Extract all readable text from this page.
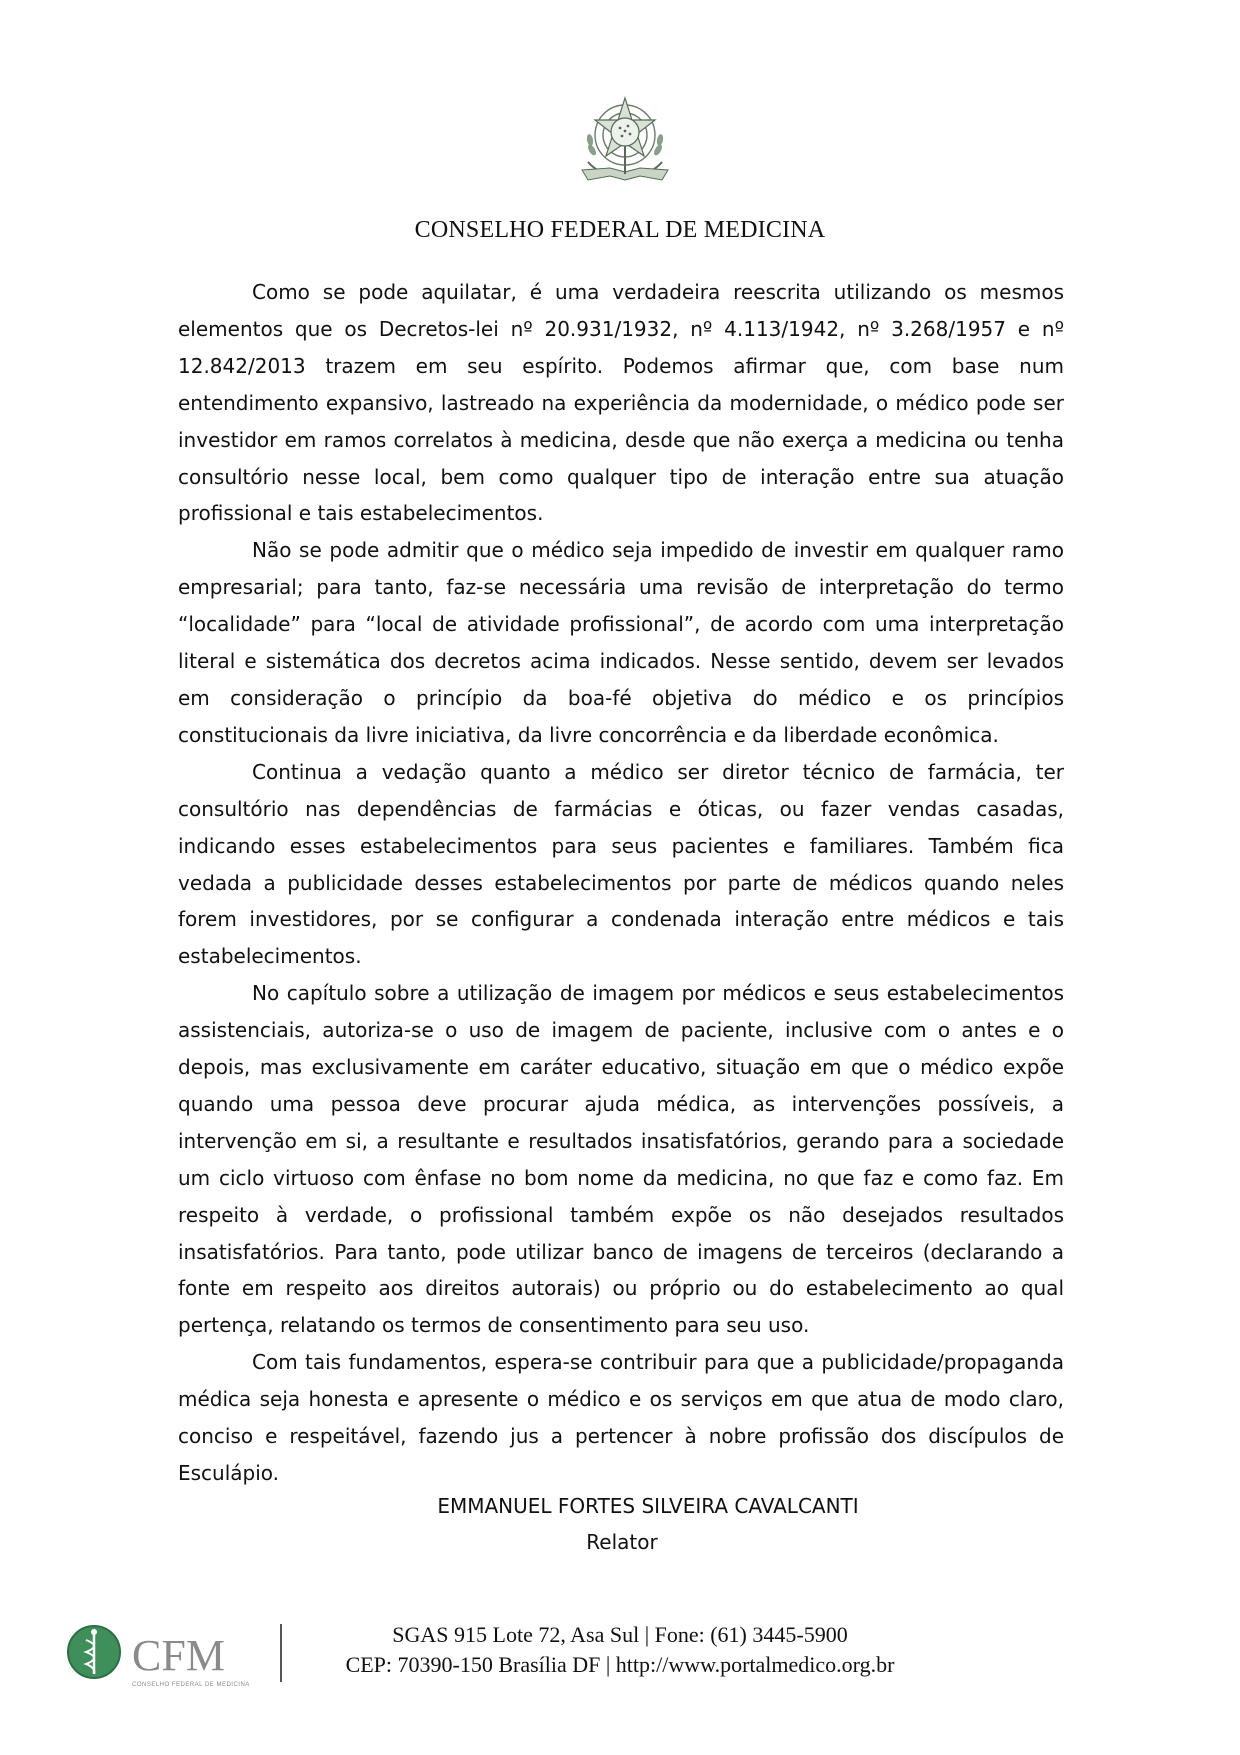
CONSELHO FEDERAL DE MEDICINA

Como se pode aquilatar, é uma verdadeira reescrita utilizando os mesmos elementos que os Decretos-lei nº 20.931/1932, nº 4.113/1942, nº 3.268/1957 e nº 12.842/2013 trazem em seu espírito. Podemos afirmar que, com base num entendimento expansivo, lastreado na experiência da modernidade, o médico pode ser investidor em ramos correlatos à medicina, desde que não exerça a medicina ou tenha consultório nesse local, bem como qualquer tipo de interação entre sua atuação profissional e tais estabelecimentos.

Não se pode admitir que o médico seja impedido de investir em qualquer ramo empresarial; para tanto, faz-se necessária uma revisão de interpretação do termo “localidade” para “local de atividade profissional”, de acordo com uma interpretação literal e sistemática dos decretos acima indicados. Nesse sentido, devem ser levados em consideração o princípio da boa-fé objetiva do médico e os princípios constitucionais da livre iniciativa, da livre concorrência e da liberdade econômica.

Continua a vedação quanto a médico ser diretor técnico de farmácia, ter consultório nas dependências de farmácias e óticas, ou fazer vendas casadas, indicando esses estabelecimentos para seus pacientes e familiares. Também fica vedada a publicidade desses estabelecimentos por parte de médicos quando neles forem investidores, por se configurar a condenada interação entre médicos e tais estabelecimentos.

No capítulo sobre a utilização de imagem por médicos e seus estabelecimentos assistenciais, autoriza-se o uso de imagem de paciente, inclusive com o antes e o depois, mas exclusivamente em caráter educativo, situação em que o médico expõe quando uma pessoa deve procurar ajuda médica, as intervenções possíveis, a intervenção em si, a resultante e resultados insatisfatórios, gerando para a sociedade um ciclo virtuoso com ênfase no bom nome da medicina, no que faz e como faz. Em respeito à verdade, o profissional também expõe os não desejados resultados insatisfatórios. Para tanto, pode utilizar banco de imagens de terceiros (declarando a fonte em respeito aos direitos autorais) ou próprio ou do estabelecimento ao qual pertença, relatando os termos de consentimento para seu uso.

Com tais fundamentos, espera-se contribuir para que a publicidade/propaganda médica seja honesta e apresente o médico e os serviços em que atua de modo claro, conciso e respeitável, fazendo jus a pertencer à nobre profissão dos discípulos de Esculápio.

EMMANUEL FORTES SILVEIRA CAVALCANTI
Relator
CFM
CONSELHO FEDERAL DE MEDICINA
SGAS 915 Lote 72, Asa Sul | Fone: (61) 3445-5900
CEP: 70390-150 Brasília DF | http://www.portalmedico.org.br
